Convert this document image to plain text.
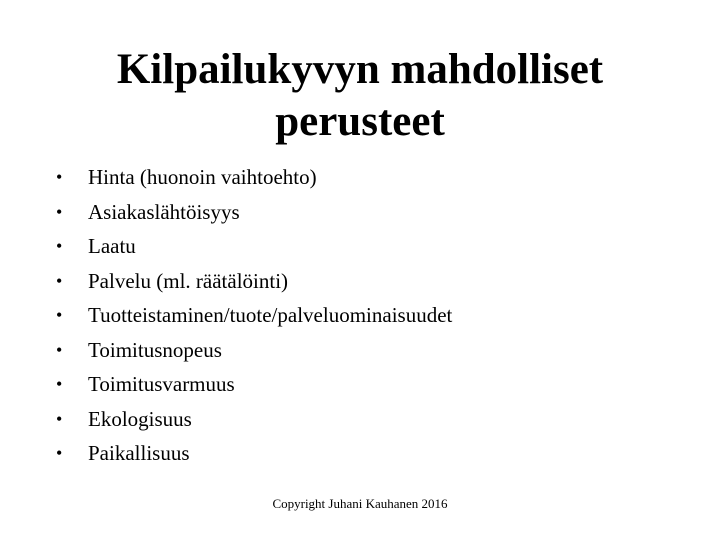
Kilpailukyvyn mahdolliset
perusteet
• Hinta (huonoin vaihtoehto)
• Asiakaslähtöisyys
• Laatu
• Palvelu (ml. räätälöinti)
• Tuotteistaminen/tuote/palveluominaisuudet
• Toimitusnopeus
• Toimitusvarmuus
• Ekologisuus
• Paikallisuus
Copyright Juhani Kauhanen 2016
